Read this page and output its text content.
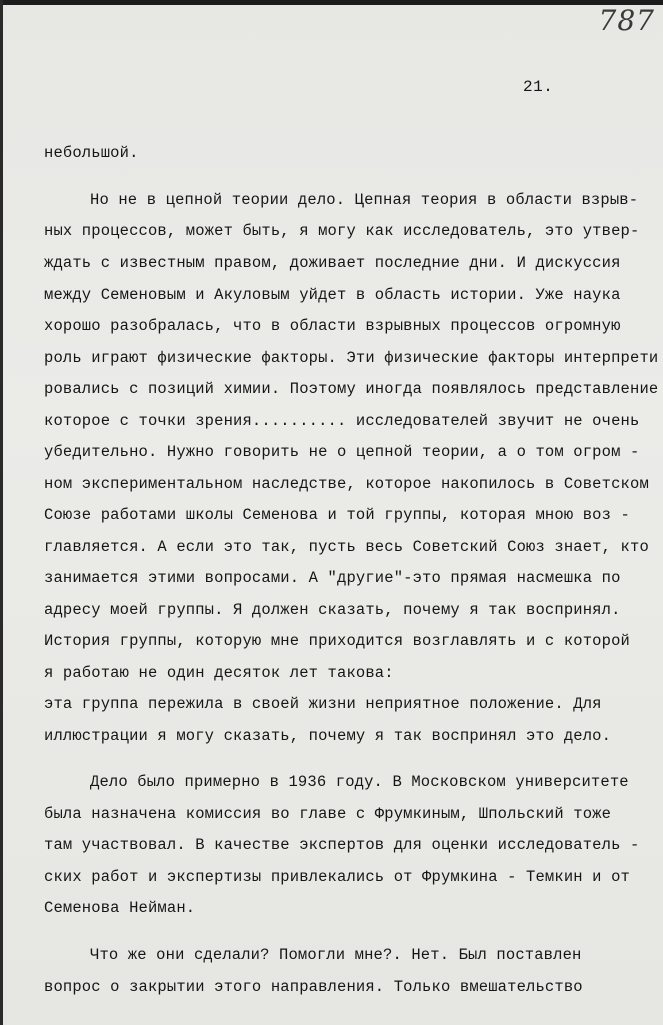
787
21.
небольшой.
Но не в цепной теории дело. Цепная теория в области взрыв-
ных процессов, может быть, я могу как исследователь, это утвер-
ждать с известным правом, доживает последние дни. И дискуссия
между Семеновым и Акуловым уйдет в область истории. Уже наука
хорошо разобралась, что в области взрывных процессов огромную
роль играют физические факторы. Эти физические факторы интерпрети
ровались с позиций химии. Поэтому иногда появлялось представление
которое с точки зрения.......... исследователей звучит не очень
убедительно. Нужно говорить не о цепной теории, а о том огром -
ном экспериментальном наследстве, которое накопилось в Советском
Союзе работами школы Семенова и той группы, которая мною воз -
главляется. А если это так, пусть весь Советский Союз знает, кто
занимается этими вопросами. А "другие"-это прямая насмешка по
адресу моей группы. Я должен сказать, почему я так воспринял.
История группы, которую мне приходится возглавлять и с которой
я работаю не один десяток лет такова:
эта группа пережила в своей жизни неприятное положение. Для
иллюстрации я могу сказать, почему я так воспринял это дело.
Дело было примерно в 1936 году. В Московском университете
была назначена комиссия во главе с Фрумкиным, Шпольский тоже
там участвовал. В качестве экспертов для оценки исследователь -
ских работ и экспертизы привлекались от Фрумкина - Темкин и от
Семенова Нейман.
Что же они сделали? Помогли мне?. Нет. Был поставлен
вопрос о закрытии этого направления. Только вмешательство
